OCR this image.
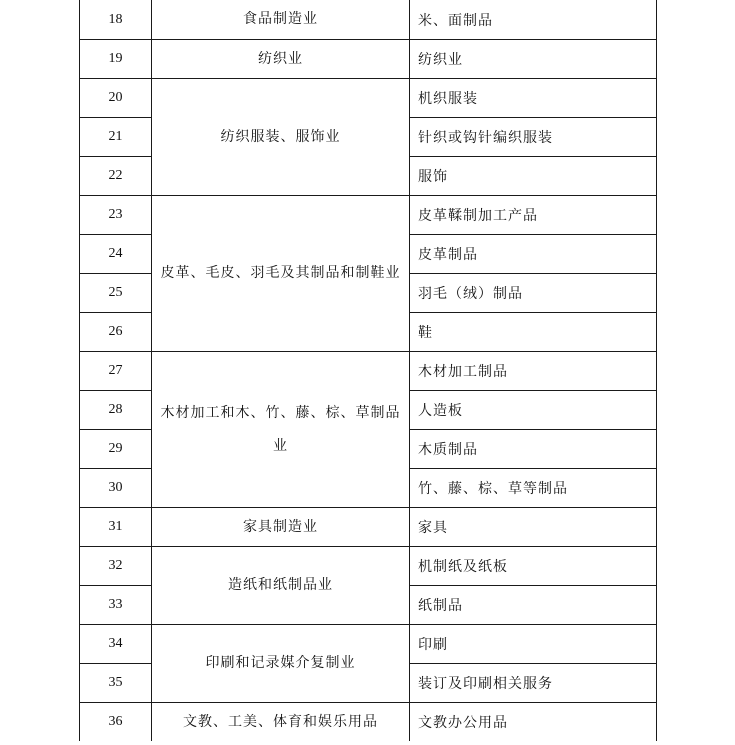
18	食品制造业	米、面制品
19	纺织业	纺织业
20	纺织服装、服饰业	机织服装
21		针织或钩针编织服装
22		服饰
23	皮革、毛皮、羽毛及其制品和制鞋业	皮革鞣制加工产品
24		皮革制品
25		羽毛（绒）制品
26		鞋
27	木材加工和木、竹、藤、棕、草制品业	木材加工制品
28		人造板
29		木质制品
30		竹、藤、棕、草等制品
31	家具制造业	家具
32	造纸和纸制品业	机制纸及纸板
33		纸制品
34	印刷和记录媒介复制业	印刷
35		装订及印刷相关服务
36	文教、工美、体育和娱乐用品	文教办公用品
